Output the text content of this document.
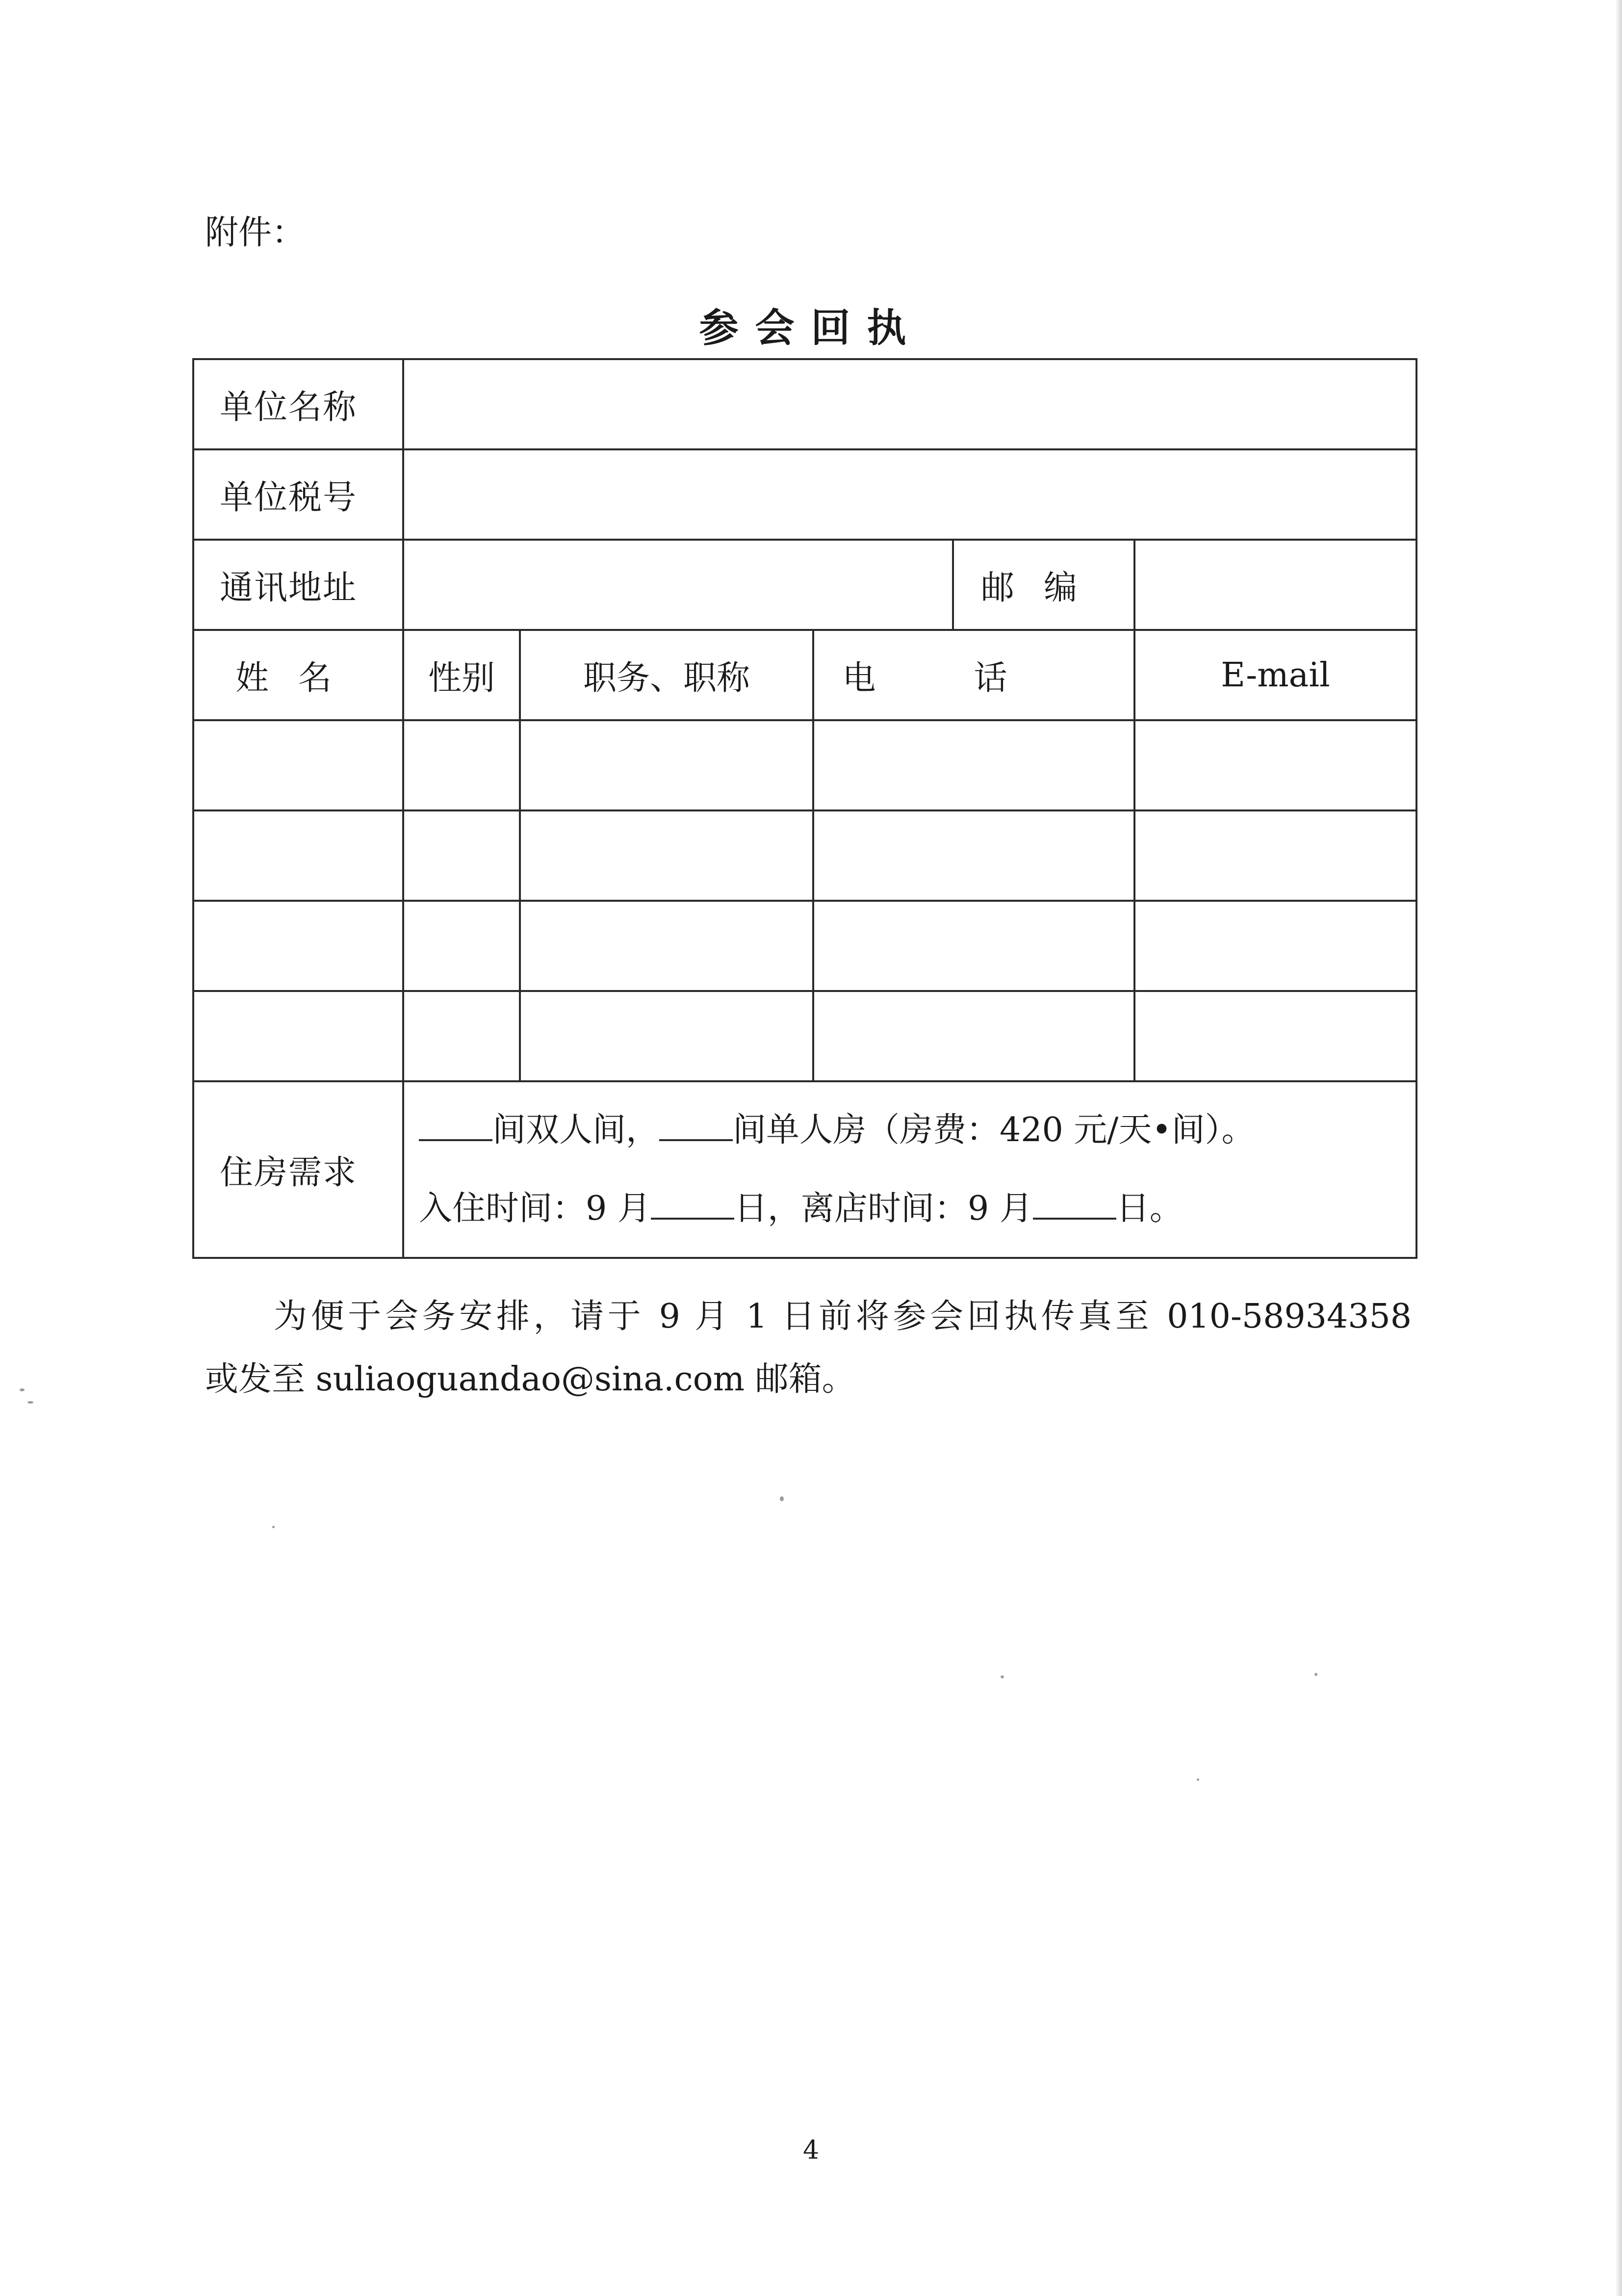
附件：
参会回执
单位名称					
单位税号					
通讯地址				邮编	
姓名	性别	职务、职称	电话		E-mail

住房需求	间双人间， 间单人房（房费：420 元/天•间）。
入住时间：9 月 日，离店时间：9 月 日。				
为便于会务安排，请于 9 月 1 日前将参会回执传真至 010-58934358
或发至 suliaoguandao@sina.com 邮箱。
4
